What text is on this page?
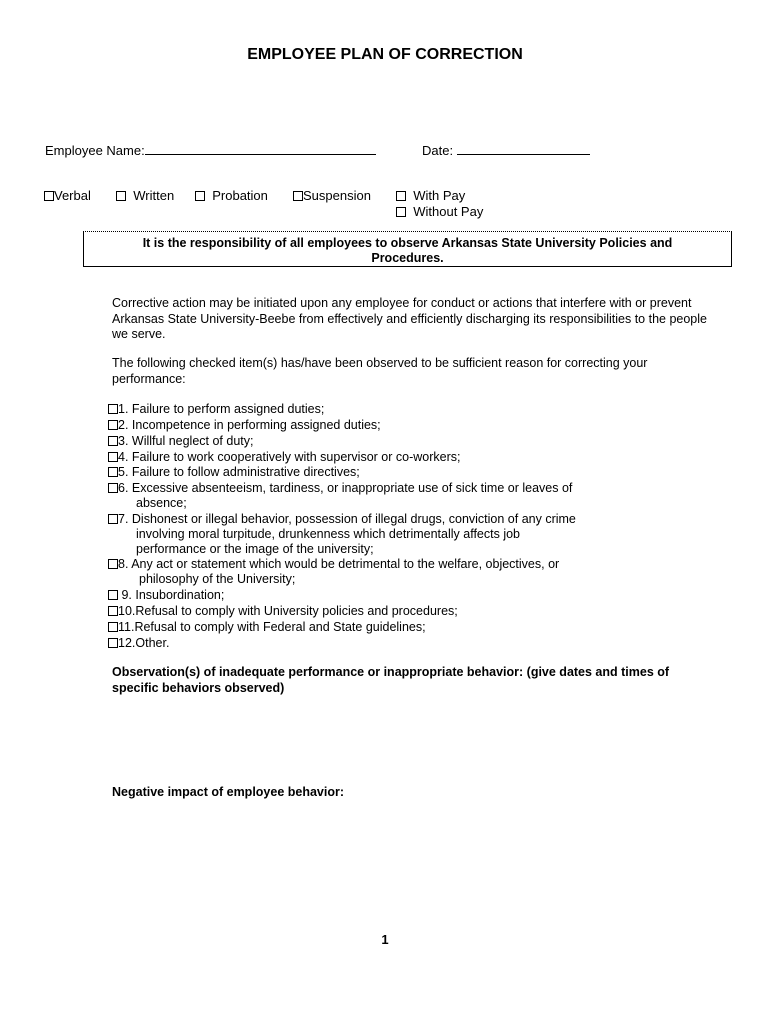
EMPLOYEE PLAN OF CORRECTION
Employee Name:	Date:
Verbal	Written	Probation	Suspension	With Pay
Without Pay
It is the responsibility of all employees to observe Arkansas State University Policies and
Procedures.
Corrective action may be initiated upon any employee for conduct or actions that interfere with or prevent Arkansas State University-Beebe from effectively and efficiently discharging its responsibilities to the people we serve.
The following checked item(s) has/have been observed to be sufficient reason for correcting your performance:
1. Failure to perform assigned duties;
2. Incompetence in performing assigned duties;
3. Willful neglect of duty;
4. Failure to work cooperatively with supervisor or co-workers;
5. Failure to follow administrative directives;
6. Excessive absenteeism, tardiness, or inappropriate use of sick time or leaves of
absence;
7. Dishonest or illegal behavior, possession of illegal drugs, conviction of any crime
involving moral turpitude, drunkenness which detrimentally affects job
performance or the image of the university;
8. Any act or statement which would be detrimental to the welfare, objectives, or
philosophy of the University;
9. Insubordination;
10.Refusal to comply with University policies and procedures;
11.Refusal to comply with Federal and State guidelines;
12.Other.
Observation(s) of inadequate performance or inappropriate behavior: (give dates and times of specific behaviors observed)
Negative impact of employee behavior:
1
